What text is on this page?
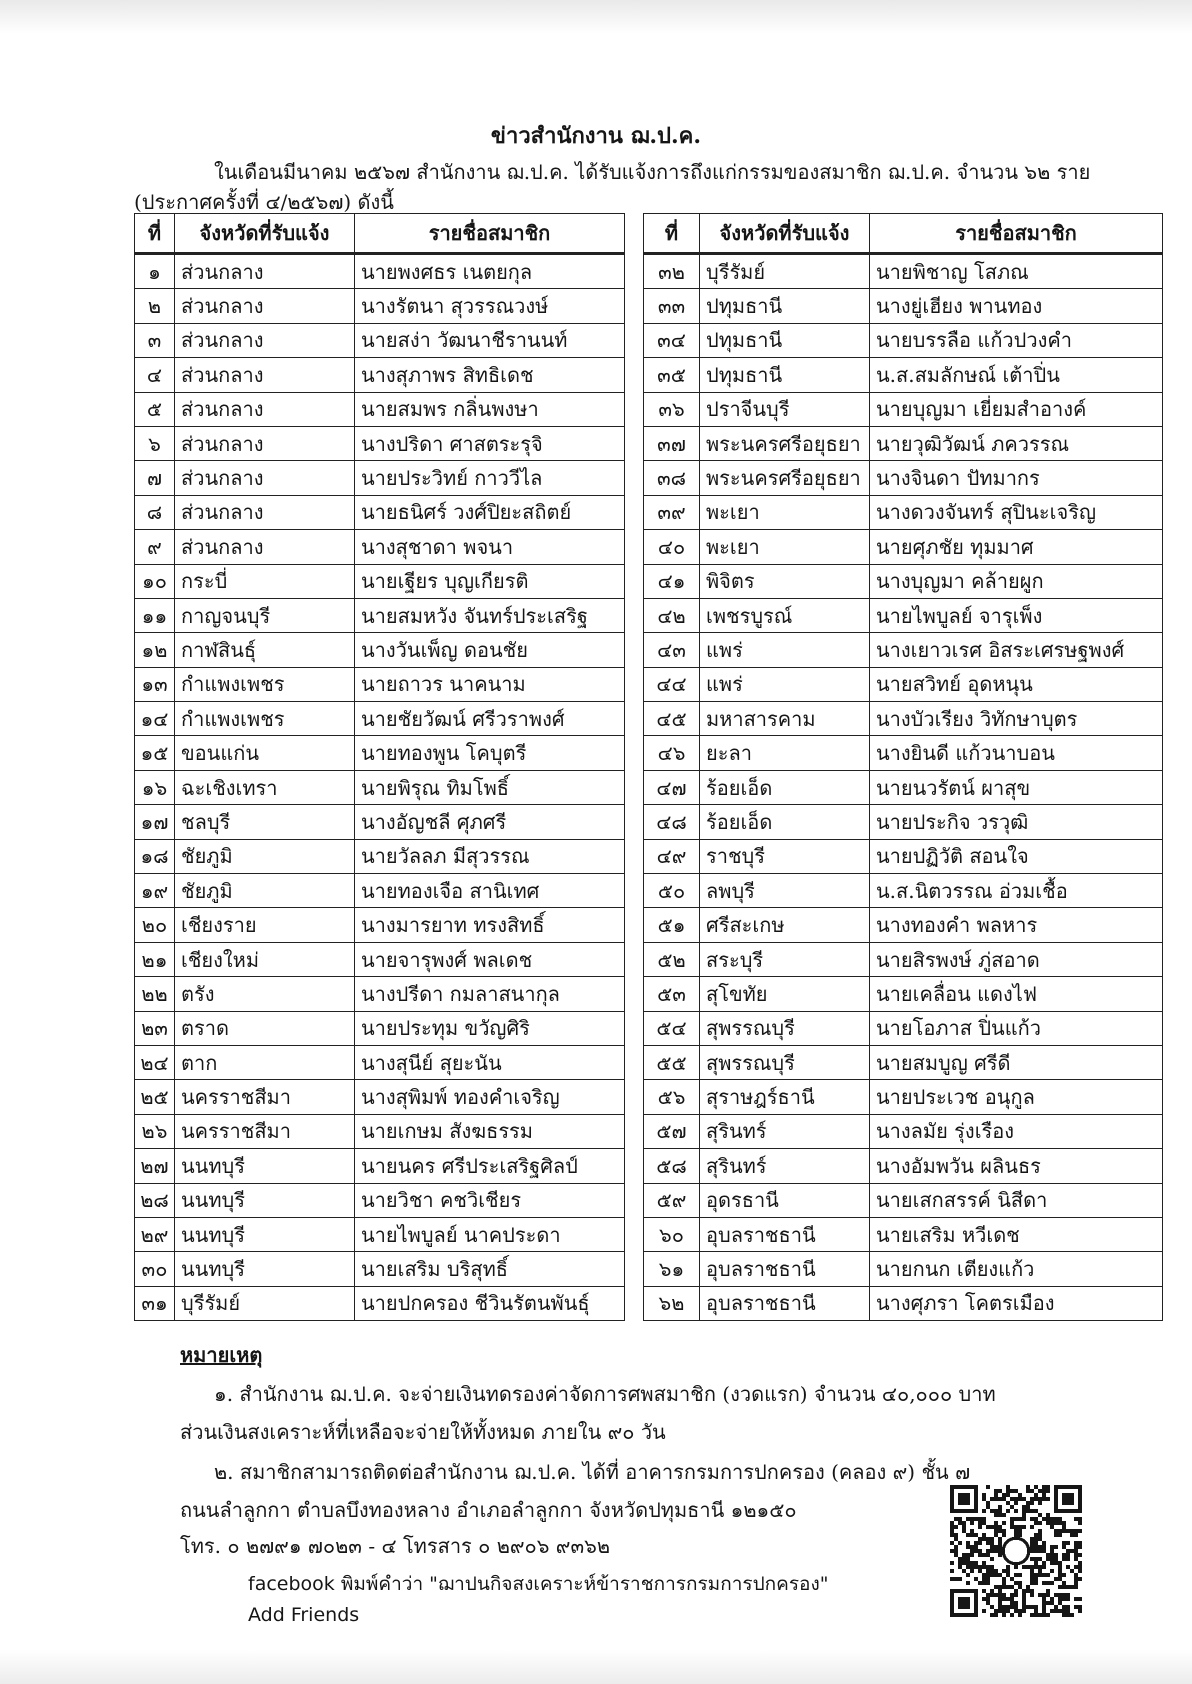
ข่าวสำนักงาน ฌ.ป.ค.
ในเดือนมีนาคม ๒๕๖๗ สำนักงาน ฌ.ป.ค. ได้รับแจ้งการถึงแก่กรรมของสมาชิก ฌ.ป.ค. จำนวน ๖๒ ราย
(ประกาศครั้งที่ ๔/๒๕๖๗) ดังนี้
ที่	จังหวัดที่รับแจ้ง	รายชื่อสมาชิก
๑	ส่วนกลาง	นายพงศธร เนตยกุล
๒	ส่วนกลาง	นางรัตนา สุวรรณวงษ์
๓	ส่วนกลาง	นายสง่า วัฒนาชีรานนท์
๔	ส่วนกลาง	นางสุภาพร สิทธิเดช
๕	ส่วนกลาง	นายสมพร กลิ่นพงษา
๖	ส่วนกลาง	นางปริดา ศาสตระรุจิ
๗	ส่วนกลาง	นายประวิทย์ กาววีไล
๘	ส่วนกลาง	นายธนิศร์ วงศ์ปิยะสถิตย์
๙	ส่วนกลาง	นางสุชาดา พจนา
๑๐	กระบี่	นายเฐียร บุญเกียรติ
๑๑	กาญจนบุรี	นายสมหวัง จันทร์ประเสริฐ
๑๒	กาฬสินธุ์	นางวันเพ็ญ ดอนชัย
๑๓	กำแพงเพชร	นายถาวร นาคนาม
๑๔	กำแพงเพชร	นายชัยวัฒน์ ศรีวราพงศ์
๑๕	ขอนแก่น	นายทองพูน โคบุตรี
๑๖	ฉะเชิงเทรา	นายพิรุณ ทิมโพธิ์
๑๗	ชลบุรี	นางอัญชลี ศุภศรี
๑๘	ชัยภูมิ	นายวัลลภ มีสุวรรณ
๑๙	ชัยภูมิ	นายทองเจือ สานิเทศ
๒๐	เชียงราย	นางมารยาท ทรงสิทธิ์
๒๑	เชียงใหม่	นายจารุพงศ์ พลเดช
๒๒	ตรัง	นางปรีดา กมลาสนากุล
๒๓	ตราด	นายประทุม ขวัญศิริ
๒๔	ตาก	นางสุนีย์ สุยะนัน
๒๕	นครราชสีมา	นางสุพิมพ์ ทองคำเจริญ
๒๖	นครราชสีมา	นายเกษม สังฆธรรม
๒๗	นนทบุรี	นายนคร ศรีประเสริฐศิลป์
๒๘	นนทบุรี	นายวิชา คชวิเชียร
๒๙	นนทบุรี	นายไพบูลย์ นาคประดา
๓๐	นนทบุรี	นายเสริม บริสุทธิ์
๓๑	บุรีรัมย์	นายปกครอง ชีวินรัตนพันธุ์
ที่	จังหวัดที่รับแจ้ง	รายชื่อสมาชิก
๓๒	บุรีรัมย์	นายพิชาญ โสภณ
๓๓	ปทุมธานี	นางยู่เฮียง พานทอง
๓๔	ปทุมธานี	นายบรรลือ แก้วปวงคำ
๓๕	ปทุมธานี	น.ส.สมลักษณ์ เต้าปิ่น
๓๖	ปราจีนบุรี	นายบุญมา เยี่ยมสำอางค์
๓๗	พระนครศรีอยุธยา	นายวุฒิวัฒน์ ภควรรณ
๓๘	พระนครศรีอยุธยา	นางจินดา ปัทมากร
๓๙	พะเยา	นางดวงจันทร์ สุปินะเจริญ
๔๐	พะเยา	นายศุภชัย ทุมมาศ
๔๑	พิจิตร	นางบุญมา คล้ายผูก
๔๒	เพชรบูรณ์	นายไพบูลย์ จารุเพ็ง
๔๓	แพร่	นางเยาวเรศ อิสระเศรษฐพงศ์
๔๔	แพร่	นายสวิทย์ อุดหนุน
๔๕	มหาสารคาม	นางบัวเรียง วิทักษาบุตร
๔๖	ยะลา	นางยินดี แก้วนาบอน
๔๗	ร้อยเอ็ด	นายนวรัตน์ ผาสุข
๔๘	ร้อยเอ็ด	นายประกิจ วรวุฒิ
๔๙	ราชบุรี	นายปฏิวัติ สอนใจ
๕๐	ลพบุรี	น.ส.นิตวรรณ อ่วมเชื้อ
๕๑	ศรีสะเกษ	นางทองคำ พลหาร
๕๒	สระบุรี	นายสิรพงษ์ ภู่สอาด
๕๓	สุโขทัย	นายเคลื่อน แดงไฟ
๕๔	สุพรรณบุรี	นายโอภาส ปิ่นแก้ว
๕๕	สุพรรณบุรี	นายสมบูญ ศรีดี
๕๖	สุราษฎร์ธานี	นายประเวช อนุกูล
๕๗	สุรินทร์	นางลมัย รุ่งเรือง
๕๘	สุรินทร์	นางอัมพวัน ผลินธร
๕๙	อุดรธานี	นายเสกสรรค์ นิสีดา
๖๐	อุบลราชธานี	นายเสริม หวีเดช
๖๑	อุบลราชธานี	นายกนก เตียงแก้ว
๖๒	อุบลราชธานี	นางศุภรา โคตรเมือง
หมายเหตุ
๑. สำนักงาน ฌ.ป.ค. จะจ่ายเงินทดรองค่าจัดการศพสมาชิก (งวดแรก) จำนวน ๔๐,๐๐๐ บาท
ส่วนเงินสงเคราะห์ที่เหลือจะจ่ายให้ทั้งหมด ภายใน ๙๐ วัน
๒. สมาชิกสามารถติดต่อสำนักงาน ฌ.ป.ค. ได้ที่ อาคารกรมการปกครอง (คลอง ๙) ชั้น ๗
ถนนลำลูกกา ตำบลบึงทองหลาง อำเภอลำลูกกา จังหวัดปทุมธานี ๑๒๑๕๐
โทร. ๐ ๒๗๙๑ ๗๐๒๓ - ๔ โทรสาร ๐ ๒๙๐๖ ๙๓๖๒
facebook พิมพ์คำว่า "ฌาปนกิจสงเคราะห์ข้าราชการกรมการปกครอง"
Add Friends
